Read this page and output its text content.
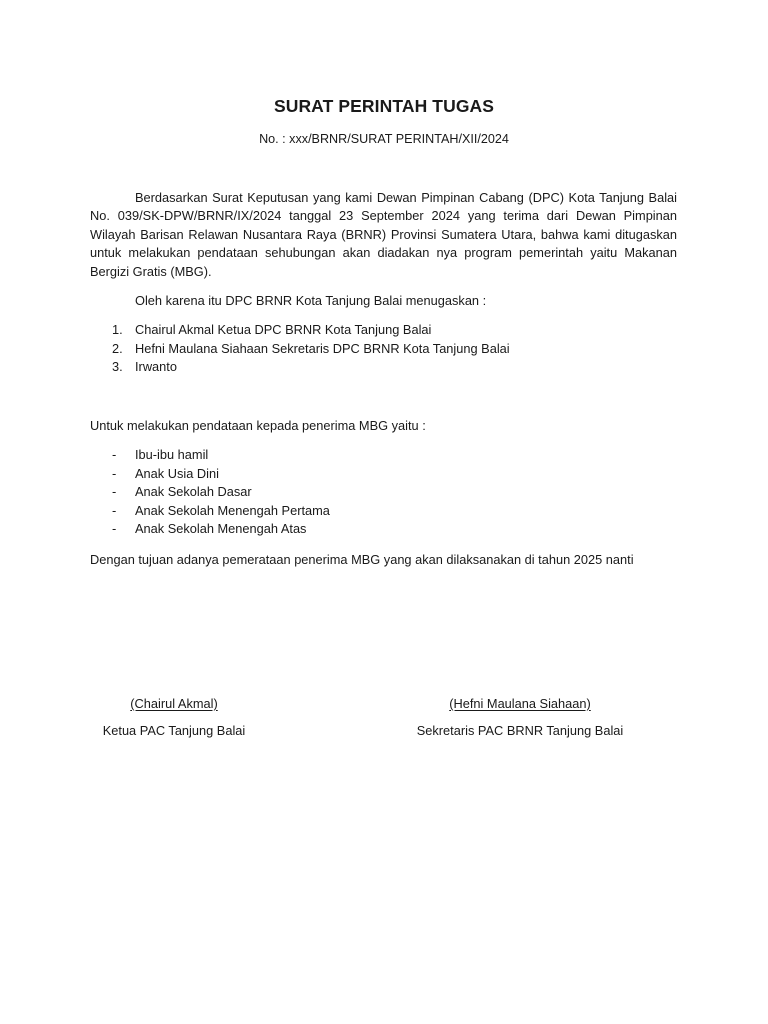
SURAT PERINTAH TUGAS
No. : xxx/BRNR/SURAT PERINTAH/XII/2024
Berdasarkan Surat Keputusan yang kami Dewan Pimpinan Cabang (DPC) Kota Tanjung Balai No. 039/SK-DPW/BRNR/IX/2024 tanggal 23 September 2024 yang terima dari Dewan Pimpinan Wilayah Barisan Relawan Nusantara Raya (BRNR) Provinsi Sumatera Utara, bahwa kami ditugaskan untuk melakukan pendataan sehubungan akan diadakan nya program pemerintah yaitu Makanan Bergizi Gratis (MBG).
Oleh karena itu DPC BRNR Kota Tanjung Balai menugaskan :
1. Chairul Akmal Ketua DPC BRNR Kota Tanjung Balai
2. Hefni Maulana Siahaan Sekretaris DPC BRNR Kota Tanjung Balai
3. Irwanto
Untuk melakukan pendataan kepada penerima MBG yaitu :
- Ibu-ibu hamil
- Anak Usia Dini
- Anak Sekolah Dasar
- Anak Sekolah Menengah Pertama
- Anak Sekolah Menengah Atas
Dengan tujuan adanya pemerataan penerima MBG yang akan dilaksanakan di tahun 2025 nanti
(Chairul Akmal)
Ketua PAC Tanjung Balai
(Hefni Maulana Siahaan)
Sekretaris PAC BRNR Tanjung Balai
